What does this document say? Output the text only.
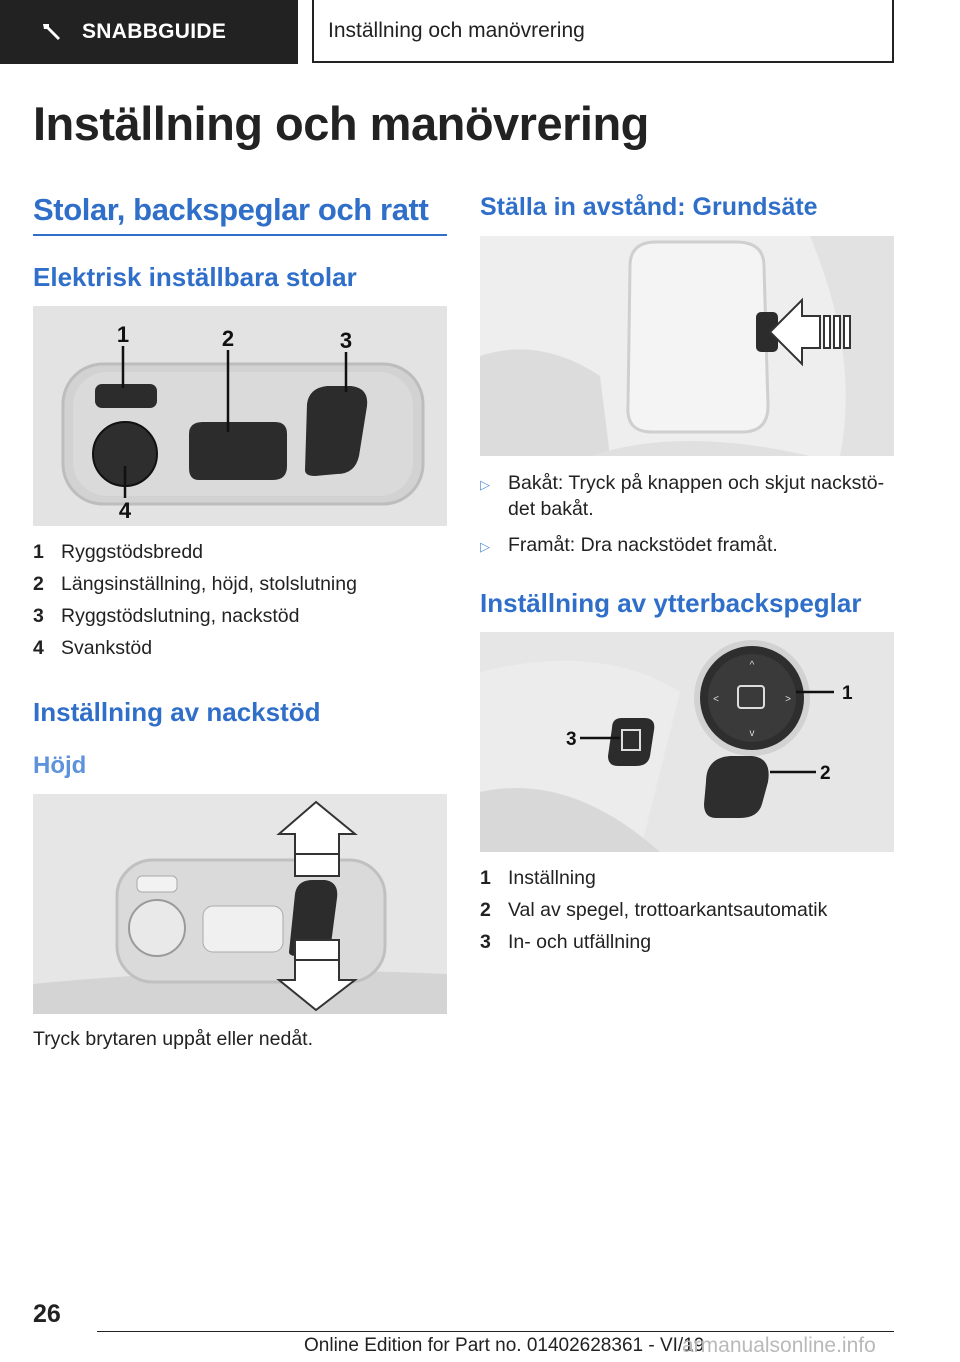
SNABBGUIDE	Inställning och manövrering
Inställning och manövrering
Stolar, backspeglar och ratt
Elektrisk inställbara stolar
1	2	3
4
1 Ryggstödsbredd
2 Längsinställning, höjd, stolslutning
3 Ryggstödslutning, nackstöd
4 Svankstöd
Inställning av nackstöd
Höjd

Tryck brytaren uppåt eller nedåt.

Ställa in avstånd: Grundsäte
▷ Bakåt: Tryck på knappen och skjut nackstödet bakåt.
▷ Framåt: Dra nackstödet framåt.
Inställning av ytterbackspeglar
^
v
<	>	1
2
3
1 Inställning
2 Val av spegel, trottoarkantsautomatik
3 In- och utfällning

26

Online Edition for Part no. 01402628361 - VI/19
armanualsonline.info
